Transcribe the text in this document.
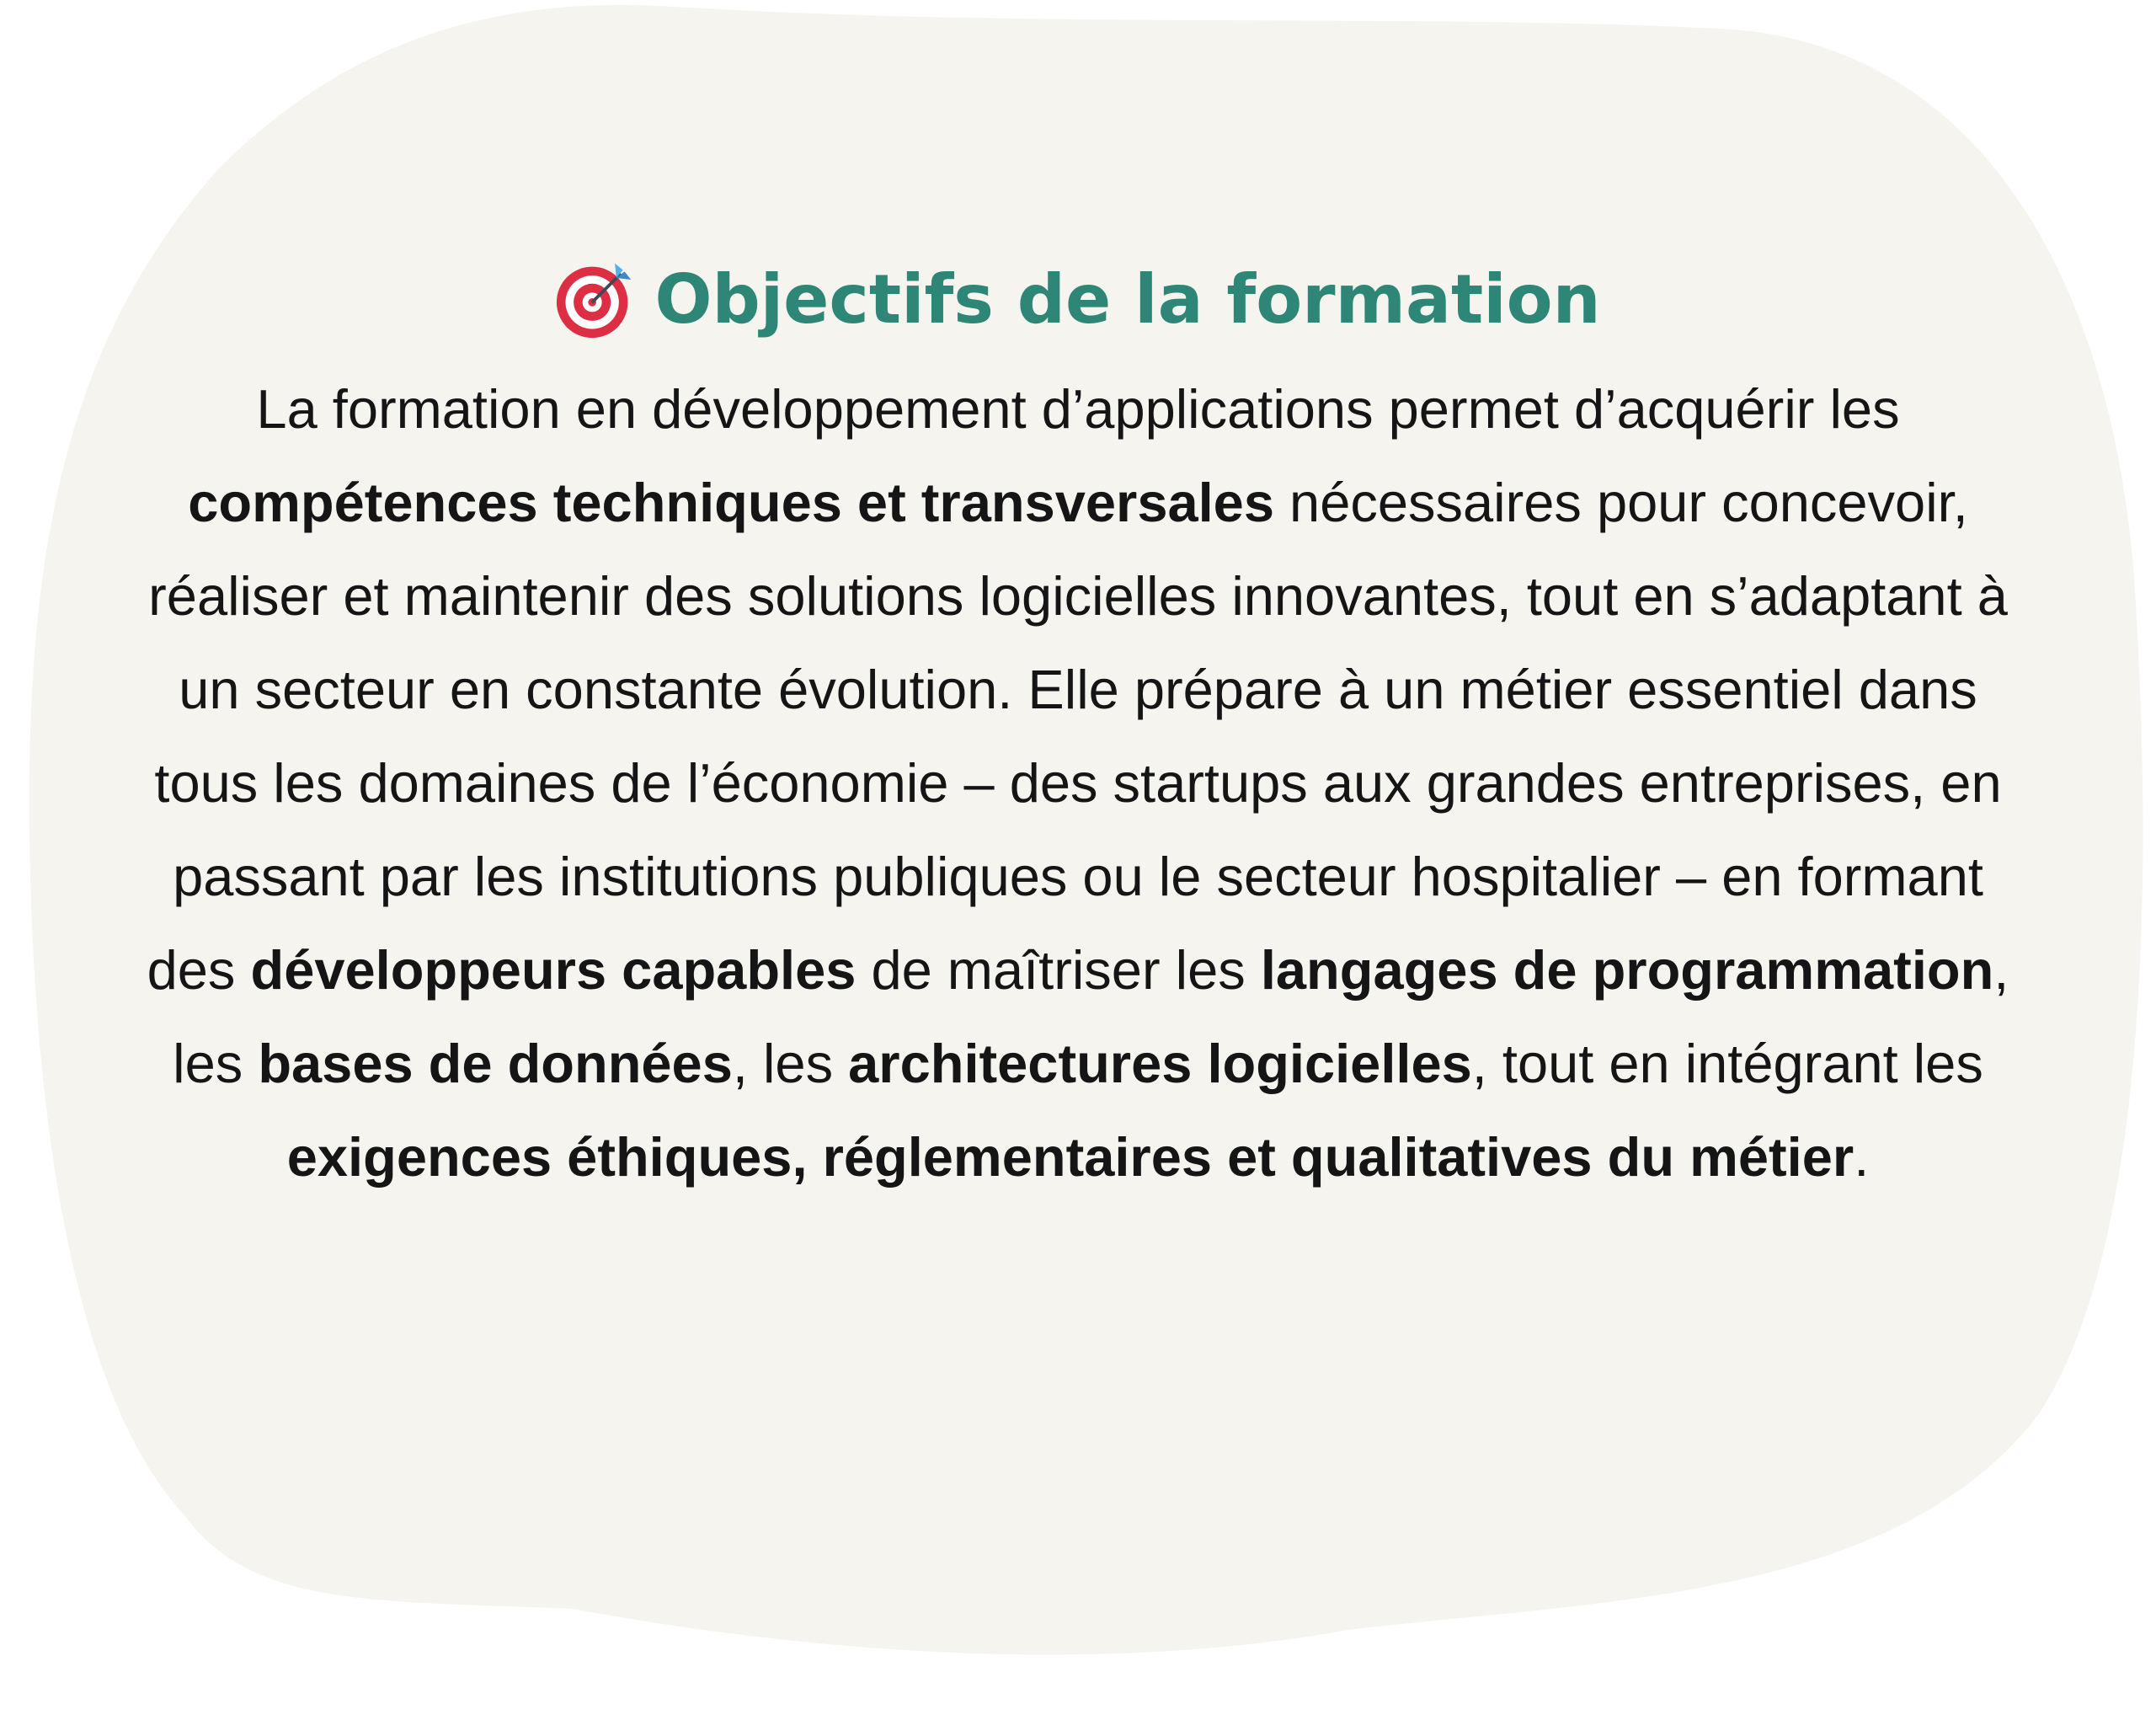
Objectifs de la formation

La formation en développement d’applications permet d’acquérir les compétences techniques et transversales nécessaires pour concevoir, réaliser et maintenir des solutions logicielles innovantes, tout en s’adaptant à un secteur en constante évolution. Elle prépare à un métier essentiel dans tous les domaines de l’économie – des startups aux grandes entreprises, en passant par les institutions publiques ou le secteur hospitalier – en formant des développeurs capables de maîtriser les langages de programmation, les bases de données, les architectures logicielles, tout en intégrant les exigences éthiques, réglementaires et qualitatives du métier.
